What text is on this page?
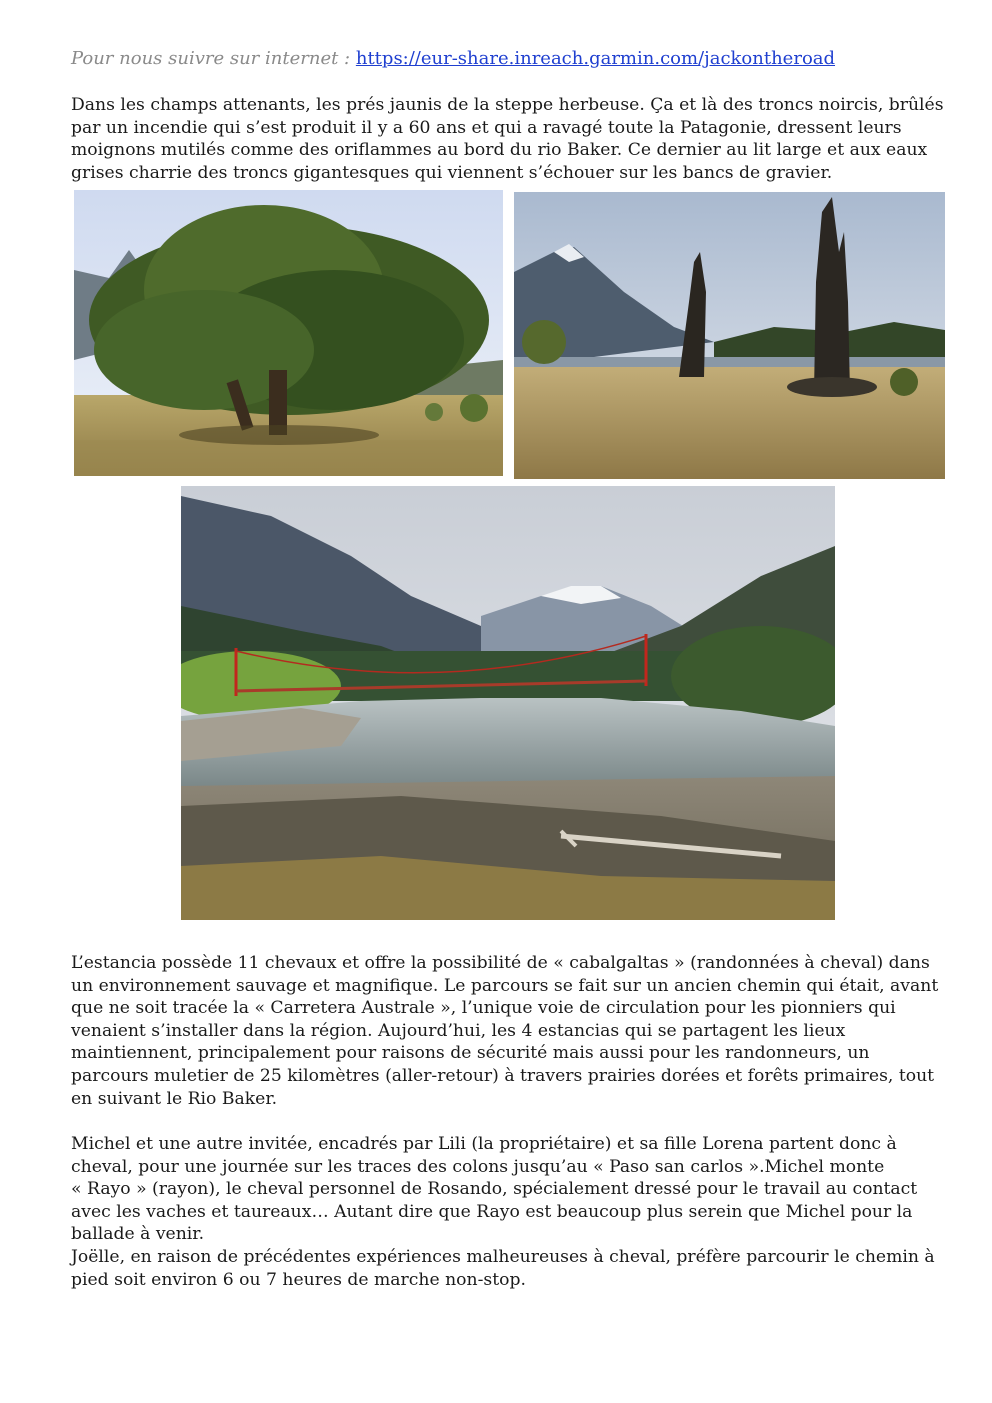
Pour nous suivre sur internet : https://eur-share.inreach.garmin.com/jackontheroad

Dans les champs attenants, les prés jaunis de la steppe herbeuse. Ça et là des troncs noircis, brûlés
par un incendie qui s’est produit il y a 60 ans et qui a ravagé toute la Patagonie, dressent leurs
moignons mutilés comme des oriflammes au bord du rio Baker. Ce dernier au lit large et aux eaux
grises charrie des troncs gigantesques qui viennent s’échouer sur les bancs de gravier.

L’estancia possède 11 chevaux et offre la possibilité de « cabalgaltas » (randonnées à cheval) dans
un environnement sauvage et magnifique. Le parcours se fait sur un ancien chemin qui était, avant
que ne soit tracée la « Carretera Australe », l’unique voie de circulation pour les pionniers qui
venaient s’installer dans la région. Aujourd’hui, les 4 estancias qui se partagent les lieux
maintiennent, principalement pour raisons de sécurité mais aussi pour les randonneurs, un
parcours muletier de 25 kilomètres (aller-retour) à travers prairies dorées et forêts primaires, tout
en suivant le Rio Baker.

Michel et une autre invitée, encadrés par Lili (la propriétaire) et sa fille Lorena partent donc à
cheval, pour une journée sur les traces des colons jusqu’au « Paso san carlos ».Michel monte
« Rayo » (rayon), le cheval personnel de Rosando, spécialement dressé pour le travail au contact
avec les vaches et taureaux… Autant dire que Rayo est beaucoup plus serein que Michel pour la
ballade à venir.
Joëlle, en raison de précédentes expériences malheureuses à cheval, préfère parcourir le chemin à
pied soit environ 6 ou 7 heures de marche non-stop.
